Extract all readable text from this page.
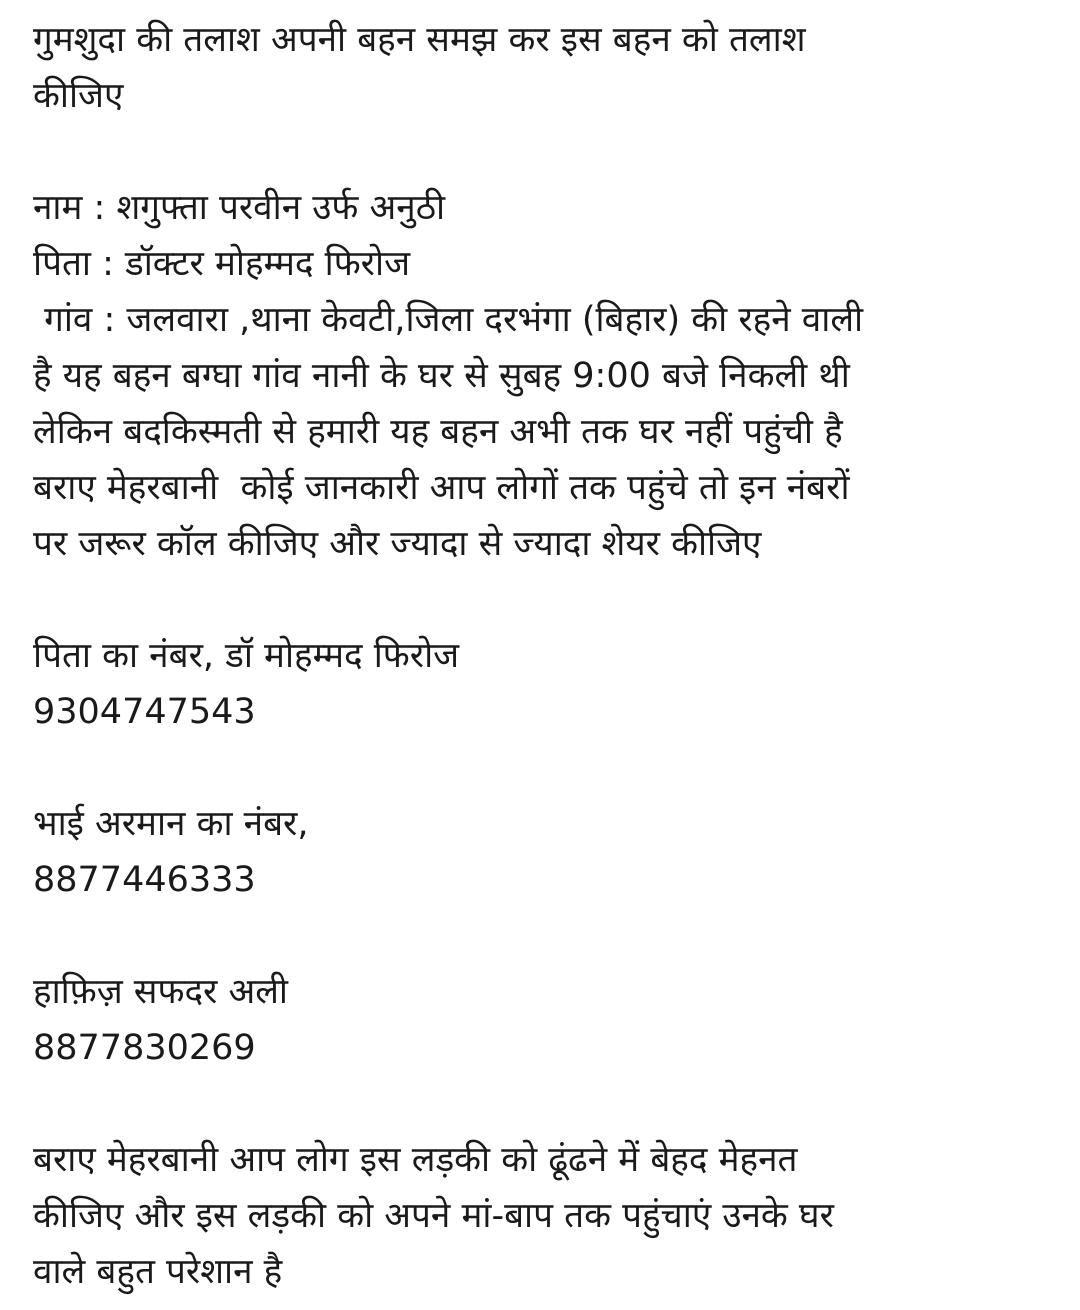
गुमशुदा की तलाश अपनी बहन समझ कर इस बहन को तलाश
कीजिए
नाम : शगुफ्ता परवीन उर्फ अनुठी
पिता : डॉक्टर मोहम्मद फिरोज
गांव : जलवारा ,थाना केवटी,जिला दरभंगा (बिहार) की रहने वाली
है यह बहन बग्घा गांव नानी के घर से सुबह 9:00 बजे निकली थी
लेकिन बदकिस्मती से हमारी यह बहन अभी तक घर नहीं पहुंची है
बराए मेहरबानी  कोई जानकारी आप लोगों तक पहुंचे तो इन नंबरों
पर जरूर कॉल कीजिए और ज्यादा से ज्यादा शेयर कीजिए
पिता का नंबर, डॉ मोहम्मद फिरोज
9304747543
भाई अरमान का नंबर,
8877446333
हाफ़िज़ सफदर अली
8877830269
बराए मेहरबानी आप लोग इस लड़की को ढूंढने में बेहद मेहनत
कीजिए और इस लड़की को अपने मां-बाप तक पहुंचाएं उनके घर
वाले बहुत परेशान है
